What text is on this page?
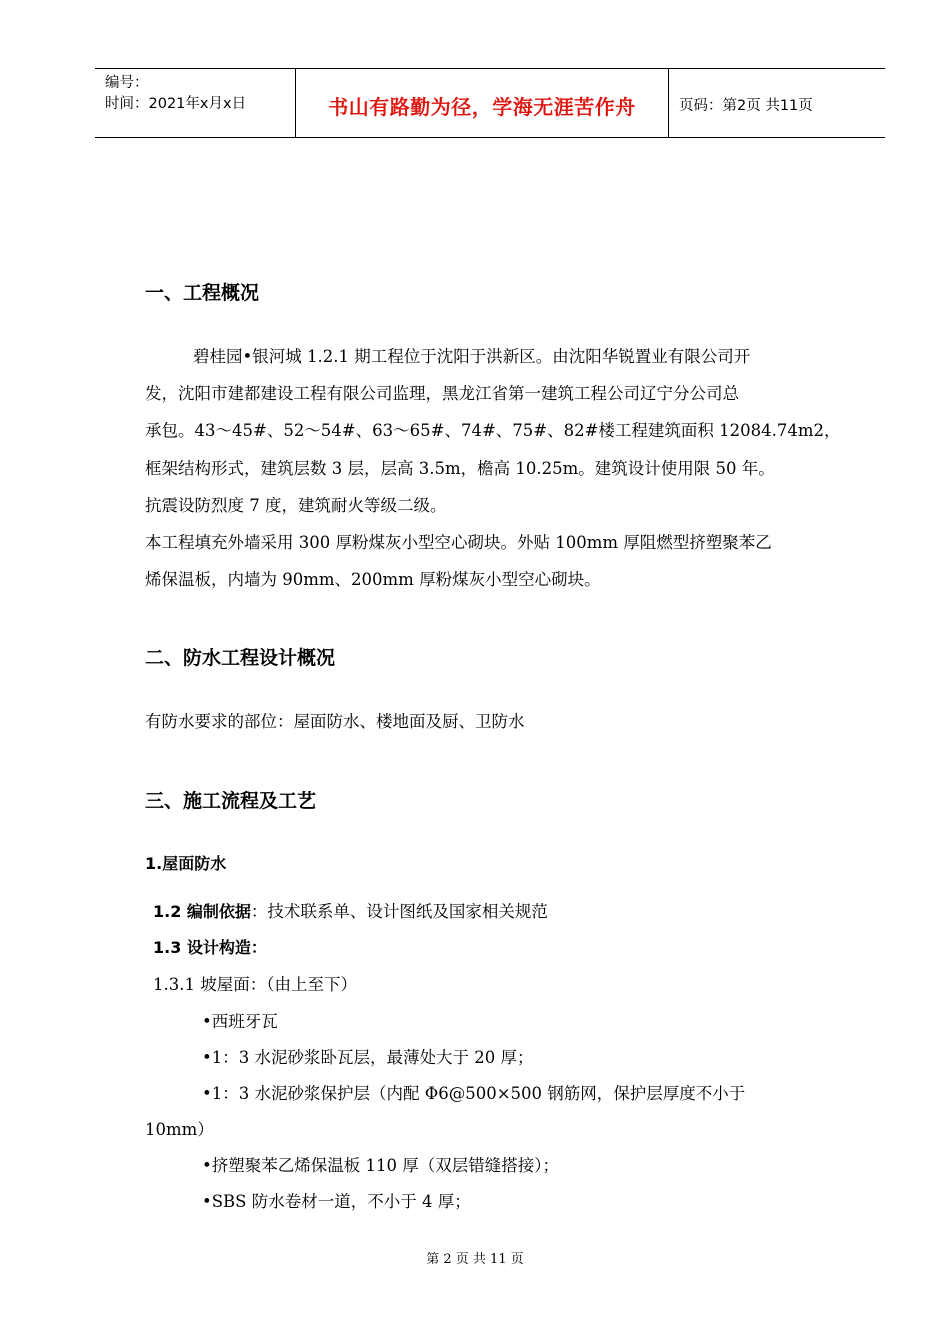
编号：
时间：2021年x月x日	书山有路勤为径，学海无涯苦作舟	页码：第2页 共11页
一、工程概况
碧桂园•银河城 1.2.1 期工程位于沈阳于洪新区。由沈阳华锐置业有限公司开
发，沈阳市建都建设工程有限公司监理，黑龙江省第一建筑工程公司辽宁分公司总
承包。43～45#、52～54#、63～65#、74#、75#、82#楼工程建筑面积 12084.74m2，
框架结构形式，建筑层数 3 层，层高 3.5m，檐高 10.25m。建筑设计使用限 50 年。
抗震设防烈度 7 度，建筑耐火等级二级。
本工程填充外墙采用 300 厚粉煤灰小型空心砌块。外贴 100mm 厚阻燃型挤塑聚苯乙
烯保温板，内墙为 90mm、200mm 厚粉煤灰小型空心砌块。
二、防水工程设计概况
有防水要求的部位：屋面防水、楼地面及厨、卫防水
三、施工流程及工艺
1.屋面防水
1.2 编制依据：技术联系单、设计图纸及国家相关规范
1.3 设计构造：
1.3.1 坡屋面：（由上至下）
•西班牙瓦
•1：3 水泥砂浆卧瓦层，最薄处大于 20 厚；
•1：3 水泥砂浆保护层（内配 Φ6@500×500 钢筋网，保护层厚度不小于
10mm）
•挤塑聚苯乙烯保温板 110 厚（双层错缝搭接）；
•SBS 防水卷材一道，不小于 4 厚；
第 2 页 共 11 页
